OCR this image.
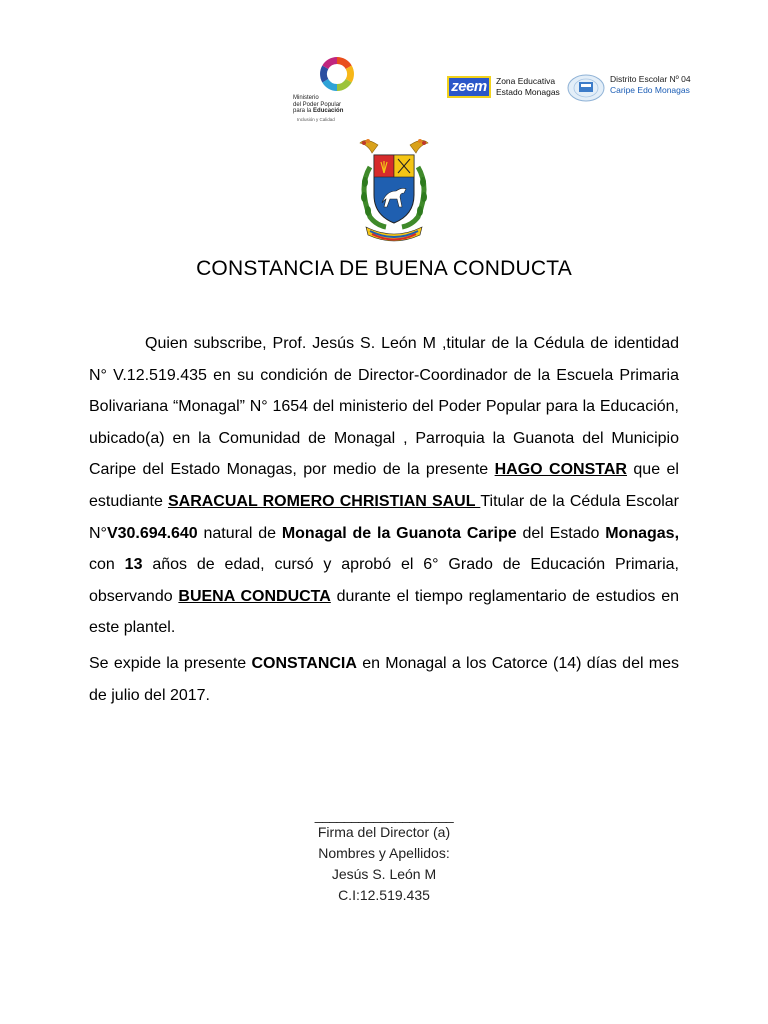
Ministerio
del Poder Popular
para la Educación
Inclusión y Calidad
zeem	Zona Educativa
Estado Monagas
Distrito Escolar Nº 04
Caripe Edo Monagas
CONSTANCIA DE BUENA CONDUCTA

Quien subscribe, Prof. Jesús S. León M ,titular de la Cédula de identidad N° V.12.519.435 en su condición de Director-Coordinador de la Escuela Primaria Bolivariana “Monagal” N° 1654 del ministerio del Poder Popular para la Educación, ubicado(a) en la Comunidad de Monagal , Parroquia la Guanota del Municipio Caripe del Estado Monagas, por medio de la presente HAGO CONSTAR que el estudiante SARACUAL ROMERO CHRISTIAN SAUL Titular de la Cédula Escolar N°V30.694.640 natural de Monagal de la Guanota Caripe del Estado Monagas, con 13 años de edad, cursó y aprobó el 6° Grado de Educación Primaria, observando BUENA CONDUCTA durante el tiempo reglamentario de estudios en este plantel.

Se expide la presente CONSTANCIA en Monagal a los Catorce (14) días del mes de julio del 2017.

___________________
Firma del Director (a)
Nombres y Apellidos:
Jesús S. León M
C.I:12.519.435
